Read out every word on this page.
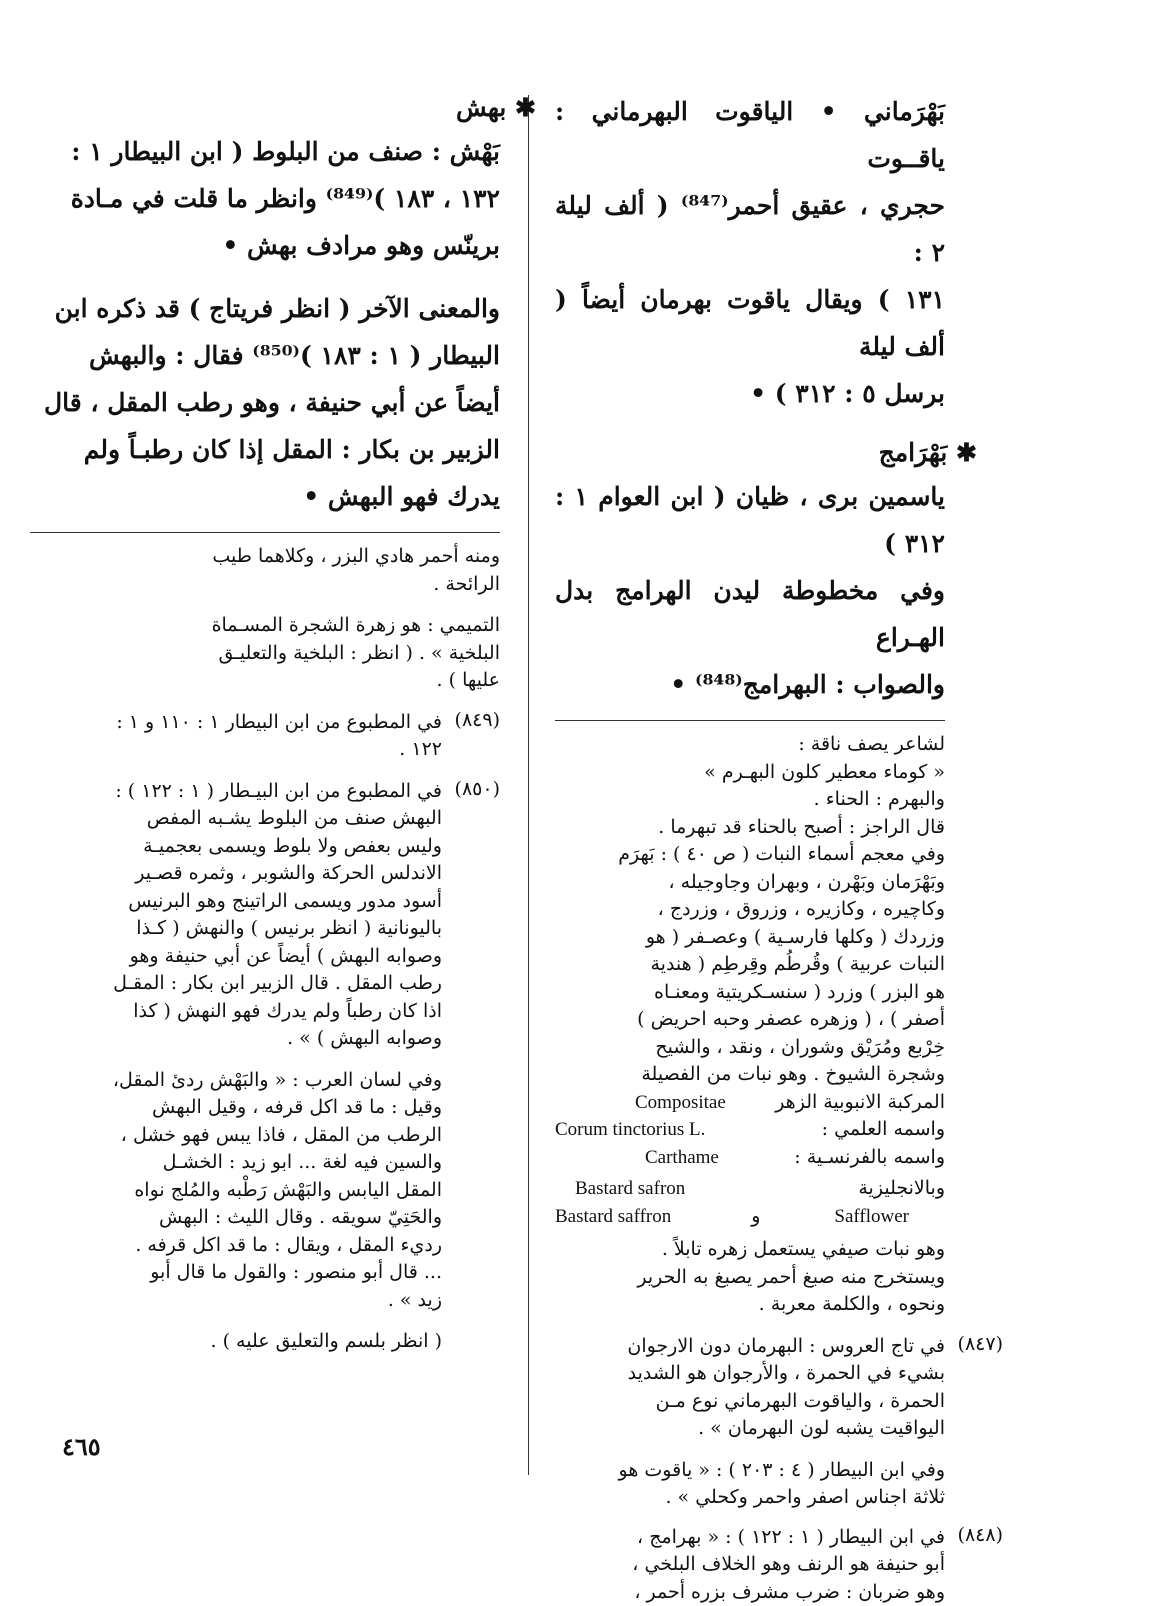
بَهْرَماني • الياقوت البهرماني : ياقــوت

حجري ، عقيق أحمر⁽⁸⁴⁷⁾ ( ألف ليلة ٢ :

١٣١ ) ويقال ياقوت بهرمان أيضاً ( ألف ليلة

برسل ٥ : ٣١٢ ) •

✱ بَهْرَامج

ياسمين برى ، ظيان ( ابن العوام ١ : ٣١٢ )

وفي مخطوطة ليدن الهرامج بدل الهـراع

والصواب : البهرامج⁽⁸⁴⁸⁾ •

لشاعر يصف ناقة :

« كوماء معطير كلون البهـرم »

والبهرم : الحناء .

قال الراجز : أصبح بالحناء قد تبهرما .

وفي معجم أسماء النبات ( ص ٤٠ ) : بَهرَم

وبَهْرَمان وبَهْرن ، وبهران وجاوجيله ،

وكاچيره ، وكازيره ، وزروق ، وزردج ،

وزردك ( وكلها فارسـية ) وعصـفر ( هو

النبات عربية ) وقُرطُم وقِرطِم ( هندية

هو البزر ) وزرد ( سنسـكريتية ومعنـاه

أصفر ) ، ( وزهره عصفر وحبه احريض )

خِرْبع ومُرَيْق وشوران ، ونقد ، والشيح

وشجرة الشيوخ . وهو نبات من الفصيلة

المركبة الانبوبية الزهر
Compositae
واسمه العلمي :
Corum tinctorius L.
واسمه بالفرنسـية :
Carthame
وبالانجليزية
Bastard safron
Safflower
و
Bastard saffron

وهو نبات صيفي يستعمل زهره تابلاً .

ويستخرج منه صبغ أحمر يصبغ به الحرير

ونحوه ، والكلمة معربة .

(٨٤٧)

في تاج العروس : البهرمان دون الارجوان

بشيء في الحمرة ، والأرجوان هو الشديد

الحمرة ، والياقوت البهرماني نوع مـن

اليواقيت يشبه لون البهرمان » .

وفي ابن البيطار ( ٤ : ٢٠٣ ) : « ياقوت هو

ثلاثة اجناس اصفر واحمر وكحلي » .

(٨٤٨)

في ابن البيطار ( ١ : ١٢٢ ) : « بهرامج ،

أبو حنيفة هو الرنف وهو الخلاف البلخي ،

وهو ضربان : ضرب مشرف بزره أحمر ،

✱ بهش

بَهْش : صنف من البلوط ( ابن البيطار ١ :

١٣٢ ، ١٨٣ )⁽⁸⁴⁹⁾ وانظر ما قلت في مـادة

برينّس وهو مرادف بهش •

والمعنى الآخر ( انظر فريتاج ) قد ذكره ابن

البيطار ( ١ : ١٨٣ )⁽⁸⁵⁰⁾ فقال : والبهش

أيضاً عن أبي حنيفة ، وهو رطب المقل ، قال

الزبير بن بكار : المقل إذا كان رطبـاً ولم

يدرك فهو البهش •

ومنه أحمر هادي البزر ، وكلاهما طيب

الرائحة .

التميمي : هو زهرة الشجرة المسـماة

البلخية » . ( انظر : البلخية والتعليـق

عليها ) .

(٨٤٩)

في المطبوع من ابن البيطار ١ : ١١٠ و ١ :

١٢٢ .

(٨٥٠)

في المطبوع من ابن البيـطار ( ١ : ١٢٢ ) :

البهش صنف من البلوط يشـبه المفص

وليس بعفص ولا بلوط ويسمى بعجميـة

الاندلس الحركة والشوبر ، وثمره قصـير

أسود مدور ويسمى الراتينج وهو البرنيس

باليونانية ( انظر برنيس ) والنهش ( كـذا

وصوابه البهش ) أيضاً عن أبي حنيفة وهو

رطب المقل . قال الزبير ابن بكار : المقـل

اذا كان رطباً ولم يدرك فهو النهش ( كذا

وصوابه البهش ) » .

وفي لسان العرب : « والبَهْش ردئ المقل،

وقيل : ما قد اكل قرفه ، وقيل البهش

الرطب من المقل ، فاذا يبس فهو خشل ،

والسين فيه لغة ... ابو زيد : الخشـل

المقل اليابس والبَهْش رَطْبه والمُلج نواه

والحَتِيّ سويقه . وقال الليث : البهش

رديء المقل ، ويقال : ما قد اكل قرفه .

... قال أبو منصور : والقول ما قال أبو

زيد » .

( انظر بلسم والتعليق عليه ) .

٤٦٥
